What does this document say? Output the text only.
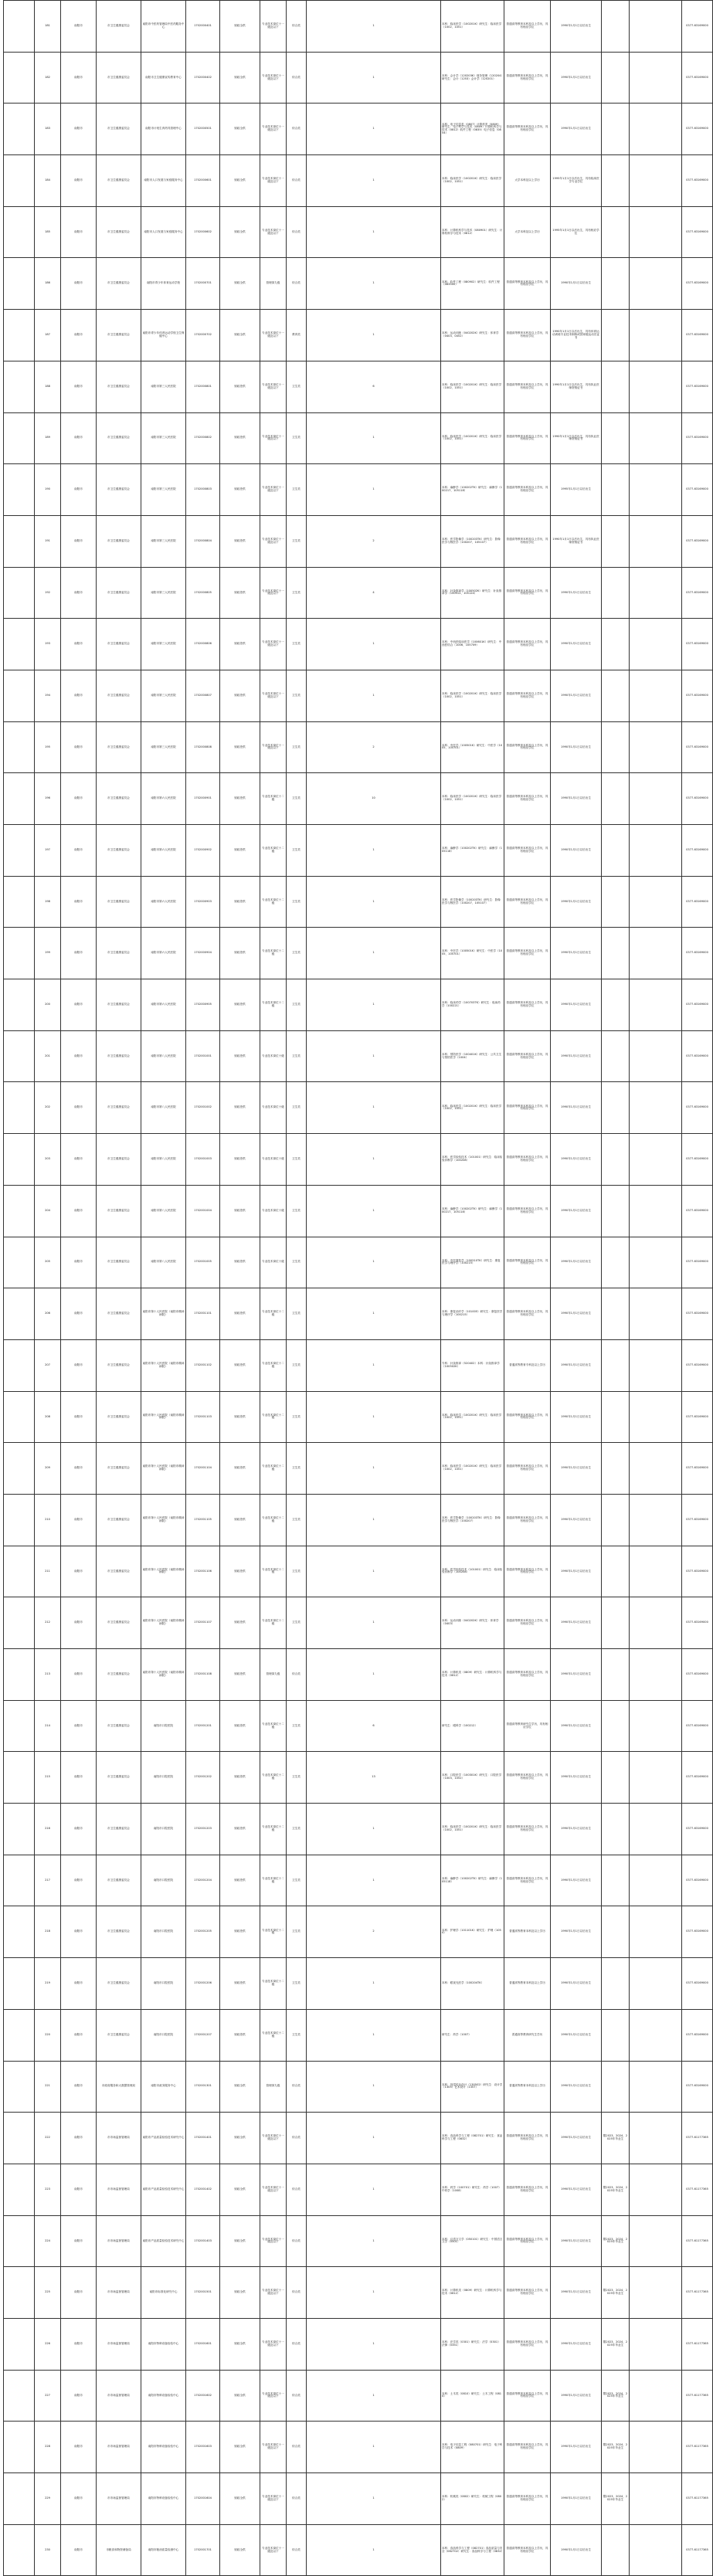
	181	南阳市	市卫生健康委员会	南阳市中医药管理局中医药服务中心	1702000401	财政全供	专业技术岗位十一级及以下	综合类	1	本科：临床医学（100201K）研究生：临床医学（1002、1051）	普通高等教育本科及以上学历，具有相应学位	1990年1月1日以后出生			0377-63169000
	182	南阳市	市卫生健康委员会	南阳市卫生健康宣传教育中心	1702000402	财政全供	专业技术岗位十一级及以下	综合类	1	本科：会计学（120203K）财务管理（120204）研究生：会计（1253）会计学（120201）	普通高等教育本科及以上学历，具有相应学位	1990年1月1日以后出生			0377-63169000
	183	南阳市	市卫生健康委员会	南阳市计划生育药具管理中心	1702000501	财政全供	专业技术岗位十一级及以下	综合类	1	本科：电子信息类（0807）计算机类（0809）研究生：电子科学与技术（0809）计算机科学与技术（0812）软件工程（0835）电子信息（0854）	普通高等教育本科及以上学历，具有相应学位	1990年1月1日以后出生			0377-63169000
	184	南阳市	市卫生健康委员会	南阳市人口发展与家庭服务中心	1702000601	财政全供	专业技术岗位十一级及以下	综合类	1	本科：临床医学（100201K）研究生：临床医学（1002、1051）	大学本科及以上学历	1995年1月1日以后出生，具有临床医学专业学位			0377-63169000
	185	南阳市	市卫生健康委员会	南阳市人口发展与家庭服务中心	1702000602	财政全供	专业技术岗位十一级及以下	综合类	1	本科：计算机科学与技术（080901）研究生：计算机科学与技术（0812）	大学本科及以上学历	1995年1月1日以后出生，具有相应学位			0377-63169000
	186	南阳市	市卫生健康委员会	南阳市青少年体育运动学校	1702000701	财政全供	管理岗九级	综合类	1	本科：软件工程（080902）研究生：软件工程（083500）	普通高等教育本科及以上学历，具有相应学位	1990年1月1日以后出生			0377-63169000
	187	南阳市	市卫生健康委员会	南阳市青少年体育运动学校卫生保健中心	1702000702	财政全供	专业技术岗位十一级及以下	教育类	1	本科：运动训练（040202K）研究生：体育学（0403、0452）	普通高等教育本科及以上学历，具有相应学位	1990年1月1日以后出生，具有体育运动训练专业技术职称或国家级运动员证书			0377-63169000
	188	南阳市	市卫生健康委员会	南阳市第三人民医院	1702000801	财政差供	专业技术岗位十一级及以下	卫生类	6	本科：临床医学（100201K）研究生：临床医学（1002、1051）	普通高等教育本科及以上学历，具有相应学位	1990年1月1日以后出生，具有执业医师资格证书			0377-63169000
	189	南阳市	市卫生健康委员会	南阳市第三人民医院	1702000802	财政差供	专业技术岗位十一级及以下	卫生类	1	本科：临床医学（100201K）研究生：临床医学（1002、1051）	普通高等教育本科及以上学历，具有相应学位	1990年1月1日以后出生，具有执业医师资格证书			0377-63169000
	190	南阳市	市卫生健康委员会	南阳市第三人民医院	1702000803	财政差供	专业技术岗位十一级及以下	卫生类	1	本科：麻醉学（100202TK）研究生：麻醉学（100217、105118）	普通高等教育本科及以上学历，具有相应学位	1995年1月1日以后出生			0377-63169000
	191	南阳市	市卫生健康委员会	南阳市第三人民医院	1702000804	财政差供	专业技术岗位十一级及以下	卫生类	2	本科：医学影像学（100203TK）研究生：影像医学与核医学（100207、105107）	普通高等教育本科及以上学历，具有相应学位	1990年1月1日以后出生，具有执业医师资格证书			0377-63169000
	192	南阳市	市卫生健康委员会	南阳市第三人民医院	1702000805	财政差供	专业技术岗位十一级及以下	卫生类	4	本科：针灸推拿学（100502K）研究生：针灸推拿学（100512、105124）	普通高等教育本科及以上学历，具有相应学位	1990年1月1日以后出生			0377-63169000
	193	南阳市	市卫生健康委员会	南阳市第三人民医院	1702000806	财政差供	专业技术岗位十一级及以下	卫生类	1	本科：中西医临床医学（100601K）研究生：中西医结合（1006、105709）	普通高等教育本科及以上学历，具有相应学位	1990年1月1日以后出生			0377-63169000
	194	南阳市	市卫生健康委员会	南阳市第三人民医院	1702000807	财政差供	专业技术岗位十一级及以下	卫生类	1	本科：临床医学（100201K）研究生：临床医学（1002、1051）	普通高等教育本科及以上学历，具有相应学位	1990年1月1日以后出生			0377-63169000
	195	南阳市	市卫生健康委员会	南阳市第三人民医院	1702000808	财政差供	专业技术岗位十一级及以下	卫生类	2	本科：中医学（100501K）研究生：中医学（1005、105701）	普通高等教育本科及以上学历，具有相应学位	1990年1月1日以后出生			0377-63169000
	196	南阳市	市卫生健康委员会	南阳市第六人民医院	1702000901	财政差供	专业技术岗位十二级	卫生类	10	本科：临床医学（100201K）研究生：临床医学（1002、1051）	普通高等教育本科及以上学历，具有相应学位	1990年1月1日以后出生			0377-63169000
	197	南阳市	市卫生健康委员会	南阳市第六人民医院	1702000902	财政差供	专业技术岗位十二级	卫生类	1	本科：麻醉学（100202TK）研究生：麻醉学（105118）	普通高等教育本科及以上学历，具有相应学位	1990年1月1日以后出生			0377-63169000
	198	南阳市	市卫生健康委员会	南阳市第六人民医院	1702000903	财政差供	专业技术岗位十二级	卫生类	1	本科：医学影像学（100203TK）研究生：影像医学与核医学（100207、105107）	普通高等教育本科及以上学历，具有相应学位	1990年1月1日以后出生			0377-63169000
	199	南阳市	市卫生健康委员会	南阳市第六人民医院	1702000904	财政差供	专业技术岗位十二级	卫生类	1	本科：中医学（100501K）研究生：中医学（1005、105701）	普通高等教育本科及以上学历，具有相应学位	1990年1月1日以后出生			0377-63169000
	200	南阳市	市卫生健康委员会	南阳市第六人民医院	1702000905	财政差供	专业技术岗位十二级	卫生类	1	本科：临床药学（100703TK）研究生：临床药学（100221）	普通高等教育本科及以上学历，具有相应学位	1990年1月1日以后出生			0377-63169000
	201	南阳市	市卫生健康委员会	南阳市第八人民医院	1702001001	财政差供	专业技术岗位十级	卫生类	1	本科：预防医学（100401K）研究生：公共卫生与预防医学（1004）	普通高等教育本科及以上学历，具有相应学位	1990年1月1日以后出生			0377-63169000
	202	南阳市	市卫生健康委员会	南阳市第八人民医院	1702001002	财政差供	专业技术岗位十级	卫生类	1	本科：临床医学（100201K）研究生：临床医学（1002、1051）	普通高等教育本科及以上学历，具有相应学位	1990年1月1日以后出生			0377-63169000
	203	南阳市	市卫生健康委员会	南阳市第八人民医院	1702001003	财政差供	专业技术岗位十级	卫生类	1	本科：医学检验技术（101001）研究生：临床检验诊断学（100208）	普通高等教育本科及以上学历，具有相应学位	1990年1月1日以后出生			0377-63169000
	204	南阳市	市卫生健康委员会	南阳市第八人民医院	1702001004	财政差供	专业技术岗位十级	卫生类	1	本科：麻醉学（100202TK）研究生：麻醉学（100217、105118）	普通高等教育本科及以上学历，具有相应学位	1990年1月1日以后出生			0377-63169000
	205	南阳市	市卫生健康委员会	南阳市第八人民医院	1702001005	财政差供	专业技术岗位十级	卫生类	1	本科：中医康复学（100510TK）研究生：康复医学与理疗学（100215）	普通高等教育本科及以上学历，具有相应学位	1990年1月1日以后出生			0377-63169000
	206	南阳市	市卫生健康委员会	南阳市第十人民医院（南阳市精神病院）	1702001101	财政差供	专业技术岗位十二级	卫生类	1	本科：康复治疗学（101005）研究生：康复医学与理疗学（100215）	普通高等教育本科及以上学历，具有相应学位	1990年1月1日以后出生			0377-63169000
	207	南阳市	市卫生健康委员会	南阳市第十人民医院（南阳市精神病院）	1702001102	财政差供	专业技术岗位十二级	卫生类	1	专科：针灸推拿（520402）本科：针灸推拿学（100502K）	普通高等教育专科及以上学历	1990年1月1日以后出生			0377-63169000
	208	南阳市	市卫生健康委员会	南阳市第十人民医院（南阳市精神病院）	1702001103	财政差供	专业技术岗位十二级	卫生类	1	本科：临床医学（100201K）研究生：临床医学（1002、1051）	普通高等教育本科及以上学历，具有相应学位	1990年1月1日以后出生			0377-63169000
	209	南阳市	市卫生健康委员会	南阳市第十人民医院（南阳市精神病院）	1702001104	财政差供	专业技术岗位十二级	卫生类	1	本科：临床医学（100201K）研究生：临床医学（1002、1051）	普通高等教育本科及以上学历，具有相应学位	1990年1月1日以后出生			0377-63169000
	210	南阳市	市卫生健康委员会	南阳市第十人民医院（南阳市精神病院）	1702001105	财政差供	专业技术岗位十二级	卫生类	1	本科：医学影像学（100203TK）研究生：影像医学与核医学（100207）	普通高等教育本科及以上学历，具有相应学位	1990年1月1日以后出生			0377-63169000
	211	南阳市	市卫生健康委员会	南阳市第十人民医院（南阳市精神病院）	1702001106	财政差供	专业技术岗位十二级	卫生类	1	本科：医学检验技术（101001）研究生：临床检验诊断学（100208）	普通高等教育本科及以上学历，具有相应学位	1990年1月1日以后出生			0377-63169000
	212	南阳市	市卫生健康委员会	南阳市第十人民医院（南阳市精神病院）	1702001107	财政差供	专业技术岗位十二级	卫生类	1	本科：运动训练（040202K）研究生：体育学（0403）	普通高等教育本科及以上学历，具有相应学位	1990年1月1日以后出生			0377-63169000
	213	南阳市	市卫生健康委员会	南阳市第十人民医院（南阳市精神病院）	1702001108	财政差供	管理岗九级	综合类	1	本科：计算机类（0809）研究生：计算机科学与技术（0812）	普通高等教育本科及以上学历，具有相应学位	1990年1月1日以后出生			0377-63169000
	214	南阳市	市卫生健康委员会	南阳市口腔医院	1702001201	财政差供	专业技术岗位十二级	卫生类	6	研究生：眼科学（100212）	普通高等教育研究生学历，具有相应学位	1990年1月1日以后出生			0377-63169000
	215	南阳市	市卫生健康委员会	南阳市口腔医院	1702001202	财政差供	专业技术岗位十二级	卫生类	13	本科：口腔医学（100301K）研究生：口腔医学（1003、1052）	普通高等教育本科及以上学历，具有相应学位	1990年1月1日以后出生			0377-63169000
	216	南阳市	市卫生健康委员会	南阳市口腔医院	1702001203	财政差供	专业技术岗位十二级	卫生类	1	本科：临床医学（100201K）研究生：临床医学（1002、1051）	普通高等教育本科及以上学历，具有相应学位	1990年1月1日以后出生			0377-63169000
	217	南阳市	市卫生健康委员会	南阳市口腔医院	1702001204	财政差供	专业技术岗位十二级	卫生类	1	本科：麻醉学（100202TK）研究生：麻醉学（105118）	普通高等教育本科及以上学历，具有相应学位	1990年1月1日以后出生			0377-63169000
	218	南阳市	市卫生健康委员会	南阳市口腔医院	1702001205	财政差供	专业技术岗位十二级	卫生类	2	本科：护理学（101101K）研究生：护理（1054）	普通高等教育本科及以上学历	1990年1月1日以后出生			0377-63169000
	219	南阳市	市卫生健康委员会	南阳市口腔医院	1702001206	财政差供	专业技术岗位十二级	卫生类	1	本科：眼视光医学（100204TK）	普通高等教育本科及以上学历	1990年1月1日以后出生			0377-63169000
	220	南阳市	市卫生健康委员会	南阳市口腔医院	1702001207	财政差供	专业技术岗位十二级	卫生类	1	研究生：药学（1007）	普通高等教育研究生学历	1990年1月1日以后出生			0377-63169000
	221	南阳市	市政府服务和大数据管理局	南阳市政务服务中心	1702001301	财政全供	管理岗九级	综合类	1	本科：视觉传达设计（130502）研究生：设计学（1305）艺术设计（1357）	普通高等教育本科及以上学历	1990年1月1日以后出生			0377-63169000
	222	南阳市	市市场监督管理局	南阳市产品质量检验技术研究中心	1702001401	财政全供	专业技术岗位十一级及以下	综合类	1	本科：食品科学与工程（082701）研究生：食品科学与工程（0832）	普通高等教育本科及以上学历，具有相应学位	1990年1月1日以后出生	限2023、2024、2025年毕业生		0377-61177365
	223	南阳市	市市场监督管理局	南阳市产品质量检验技术研究中心	1702001402	财政全供	专业技术岗位十一级及以下	综合类	1	本科：药学（100701）研究生：药学（1007）中药学（1008）	普通高等教育本科及以上学历，具有相应学位	1990年1月1日以后出生	限2023、2024、2025年毕业生		0377-61177365
	224	南阳市	市市场监督管理局	南阳市产品质量检验技术研究中心	1702001403	财政全供	专业技术岗位十一级及以下	综合类	1	本科：汉语言文学（050101）研究生：中国语言文学（0501）	普通高等教育本科及以上学历，具有相应学位	1990年1月1日以后出生	限2023、2024、2025年毕业生		0377-61177365
	225	南阳市	市市场监督管理局	南阳市标准化研究中心	1702001501	财政全供	专业技术岗位十一级及以下	综合类	1	本科：计算机类（0809）研究生：计算机科学与技术（0812）	普通高等教育本科及以上学历，具有相应学位	1990年1月1日以后出生	限2023、2024、2025年毕业生		0377-61177365
	226	南阳市	市市场监督管理局	南阳市特种设备检验中心	1702001601	财政全供	专业技术岗位十一级及以下	综合类	1	本科：法学类（0301）研究生：法学（0301）法律（0351）	普通高等教育本科及以上学历，具有相应学位	1990年1月1日以后出生	限2023、2024、2025年毕业生		0377-61177365
	227	南阳市	市市场监督管理局	南阳市特种设备检验中心	1702001602	财政全供	专业技术岗位十一级及以下	综合类	1	本科：土木类（0810）研究生：土木工程（0814）	普通高等教育本科及以上学历，具有相应学位	1990年1月1日以后出生	限2023、2024、2025年毕业生		0377-61177365
	228	南阳市	市市场监督管理局	南阳市特种设备检验中心	1702001603	财政全供	专业技术岗位十一级及以下	综合类	1	本科：电子信息工程（080701）研究生：电子科学与技术（0809）	普通高等教育本科及以上学历，具有相应学位	1990年1月1日以后出生	限2023、2024、2025年毕业生		0377-61177365
	229	南阳市	市市场监督管理局	南阳市特种设备检验中心	1702001604	财政全供	专业技术岗位十一级及以下	综合类	1	本科：机械类（0802）研究生：机械工程（0802）	普通高等教育本科及以上学历，具有相应学位	1990年1月1日以后出生	限2023、2024、2025年毕业生		0377-61177365
	230	南阳市	市粮食和物资储备局	南阳市粮油质量检测中心	1702001701	财政全供	专业技术岗位十一级及以下	综合类	1	本科：食品科学与工程（082701）食品质量与安全（082702）研究生：食品科学与工程（0832）	普通高等教育本科及以上学历，具有相应学位	1990年1月1日以后出生			0377-61177365
